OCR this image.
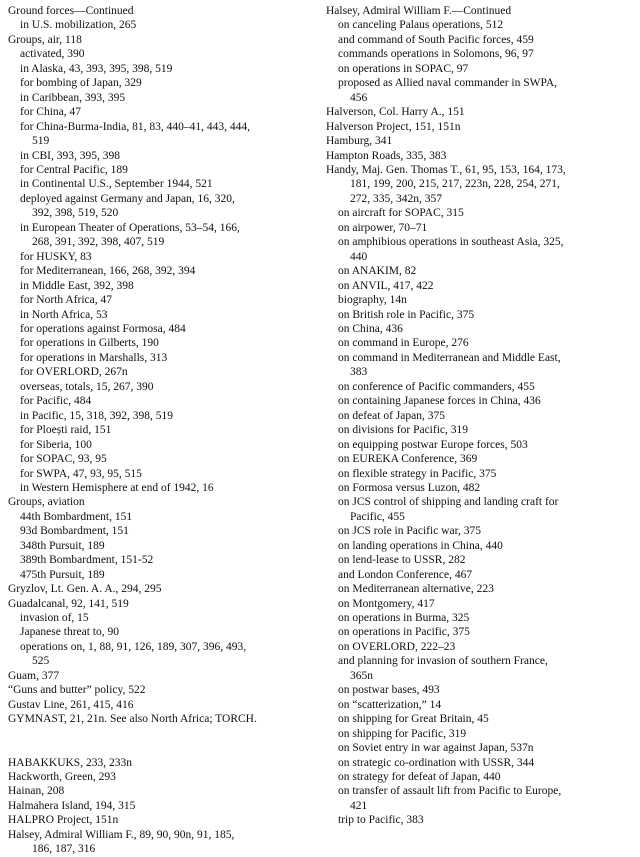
Ground forces—Continued
in U.S. mobilization, 265
Groups, air, 118
activated, 390
in Alaska, 43, 393, 395, 398, 519
for bombing of Japan, 329
in Caribbean, 393, 395
for China, 47
for China-Burma-India, 81, 83, 440–41, 443, 444,
519
in CBI, 393, 395, 398
for Central Pacific, 189
in Continental U.S., September 1944, 521
deployed against Germany and Japan, 16, 320,
392, 398, 519, 520
in European Theater of Operations, 53–54, 166,
268, 391, 392, 398, 407, 519
for HUSKY, 83
for Mediterranean, 166, 268, 392, 394
in Middle East, 392, 398
for North Africa, 47
in North Africa, 53
for operations against Formosa, 484
for operations in Gilberts, 190
for operations in Marshalls, 313
for OVERLORD, 267n
overseas, totals, 15, 267, 390
for Pacific, 484
in Pacific, 15, 318, 392, 398, 519
for Ploești raid, 151
for Siberia, 100
for SOPAC, 93, 95
for SWPA, 47, 93, 95, 515
in Western Hemisphere at end of 1942, 16
Groups, aviation
44th Bombardment, 151
93d Bombardment, 151
348th Pursuit, 189
389th Bombardment, 151-52
475th Pursuit, 189
Gryzlov, Lt. Gen. A. A., 294, 295
Guadalcanal, 92, 141, 519
invasion of, 15
Japanese threat to, 90
operations on, 1, 88, 91, 126, 189, 307, 396, 493,
525
Guam, 377
“Guns and butter” policy, 522
Gustav Line, 261, 415, 416
GYMNAST, 21, 21n. See also North Africa; TORCH.
HABAKKUKS, 233, 233n
Hackworth, Green, 293
Hainan, 208
Halmahera Island, 194, 315
HALPRO Project, 151n
Halsey, Admiral William F., 89, 90, 90n, 91, 185,
186, 187, 316
Halsey, Admiral William F.—Continued
on canceling Palaus operations, 512
and command of South Pacific forces, 459
commands operations in Solomons, 96, 97
on operations in SOPAC, 97
proposed as Allied naval commander in SWPA,
456
Halverson, Col. Harry A., 151
Halverson Project, 151, 151n
Hamburg, 341
Hampton Roads, 335, 383
Handy, Maj. Gen. Thomas T., 61, 95, 153, 164, 173,
181, 199, 200, 215, 217, 223n, 228, 254, 271,
272, 335, 342n, 357
on aircraft for SOPAC, 315
on airpower, 70–71
on amphibious operations in southeast Asia, 325,
440
on ANAKIM, 82
on ANVIL, 417, 422
biography, 14n
on British role in Pacific, 375
on China, 436
on command in Europe, 276
on command in Mediterranean and Middle East,
383
on conference of Pacific commanders, 455
on containing Japanese forces in China, 436
on defeat of Japan, 375
on divisions for Pacific, 319
on equipping postwar Europe forces, 503
on EUREKA Conference, 369
on flexible strategy in Pacific, 375
on Formosa versus Luzon, 482
on JCS control of shipping and landing craft for
Pacific, 455
on JCS role in Pacific war, 375
on landing operations in China, 440
on lend-lease to USSR, 282
and London Conference, 467
on Mediterranean alternative, 223
on Montgomery, 417
on operations in Burma, 325
on operations in Pacific, 375
on OVERLORD, 222–23
and planning for invasion of southern France,
365n
on postwar bases, 493
on “scatterization,” 14
on shipping for Great Britain, 45
on shipping for Pacific, 319
on Soviet entry in war against Japan, 537n
on strategic co-ordination with USSR, 344
on strategy for defeat of Japan, 440
on transfer of assault lift from Pacific to Europe,
421
trip to Pacific, 383
